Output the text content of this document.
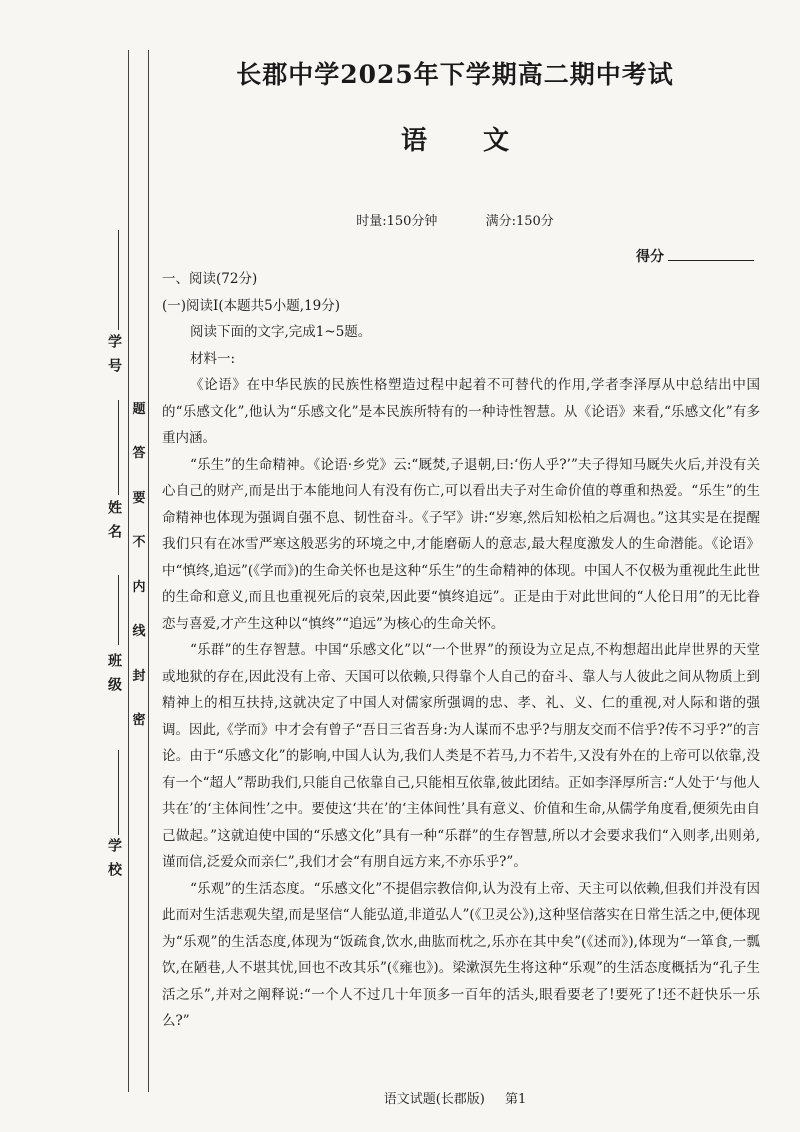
学号
姓名
班级
学校
题
答
要
不
内
线
封
密
长郡中学2025年下学期高二期中考试
语文
时量:150分钟	满分:150分
得分

一、阅读(72分)

(一)阅读Ⅰ(本题共5小题,19分)

阅读下面的文字,完成1~5题。

材料一:

《论语》在中华民族的民族性格塑造过程中起着不可替代的作用,学者李泽厚从中总结出中国的“乐感文化”,他认为“乐感文化”是本民族所特有的一种诗性智慧。从《论语》来看,“乐感文化”有多重内涵。

“乐生”的生命精神。《论语·乡党》云:“厩焚,子退朝,曰:‘伤人乎?’”夫子得知马厩失火后,并没有关心自己的财产,而是出于本能地问人有没有伤亡,可以看出夫子对生命价值的尊重和热爱。“乐生”的生命精神也体现为强调自强不息、韧性奋斗。《子罕》讲:“岁寒,然后知松柏之后凋也。”这其实是在提醒我们只有在冰雪严寒这般恶劣的环境之中,才能磨砺人的意志,最大程度激发人的生命潜能。《论语》中“慎终,追远”(《学而》)的生命关怀也是这种“乐生”的生命精神的体现。中国人不仅极为重视此生此世的生命和意义,而且也重视死后的哀荣,因此要“慎终追远”。正是由于对此世间的“人伦日用”的无比眷恋与喜爱,才产生这种以“慎终”“追远”为核心的生命关怀。

“乐群”的生存智慧。中国“乐感文化”以“一个世界”的预设为立足点,不构想超出此岸世界的天堂或地狱的存在,因此没有上帝、天国可以依赖,只得靠个人自己的奋斗、靠人与人彼此之间从物质上到精神上的相互扶持,这就决定了中国人对儒家所强调的忠、孝、礼、义、仁的重视,对人际和谐的强调。因此,《学而》中才会有曾子“吾日三省吾身:为人谋而不忠乎?与朋友交而不信乎?传不习乎?”的言论。由于“乐感文化”的影响,中国人认为,我们人类是不若马,力不若牛,又没有外在的上帝可以依靠,没有一个“超人”帮助我们,只能自己依靠自己,只能相互依靠,彼此团结。正如李泽厚所言:“人处于‘与他人共在’的‘主体间性’之中。要使这‘共在’的‘主体间性’具有意义、价值和生命,从儒学角度看,便须先由自己做起。”这就迫使中国的“乐感文化”具有一种“乐群”的生存智慧,所以才会要求我们“入则孝,出则弟,谨而信,泛爱众而亲仁”,我们才会“有朋自远方来,不亦乐乎?”。

“乐观”的生活态度。“乐感文化”不提倡宗教信仰,认为没有上帝、天主可以依赖,但我们并没有因此而对生活悲观失望,而是坚信“人能弘道,非道弘人”(《卫灵公》),这种坚信落实在日常生活之中,便体现为“乐观”的生活态度,体现为“饭疏食,饮水,曲肱而枕之,乐亦在其中矣”(《述而》),体现为“一箪食,一瓢饮,在陋巷,人不堪其忧,回也不改其乐”(《雍也》)。梁漱溟先生将这种“乐观”的生活态度概括为“孔子生活之乐”,并对之阐释说:“一个人不过几十年顶多一百年的活头,眼看要老了!要死了!还不赶快乐一乐么?”

语文试题(长郡版) 第1
